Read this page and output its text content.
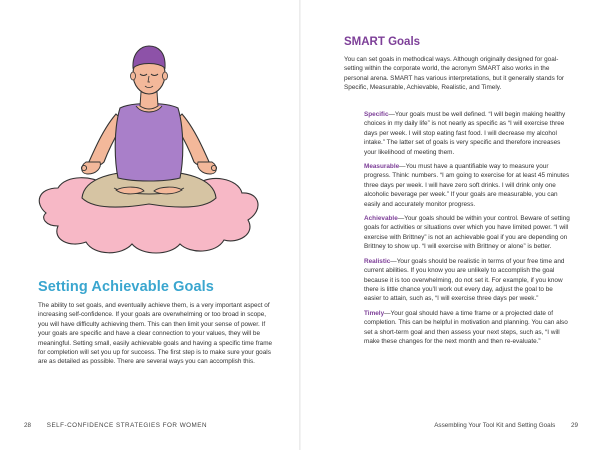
Setting Achievable Goals

The ability to set goals, and eventually achieve them, is a very important aspect of increasing self-confidence. If your goals are overwhelming or too broad in scope, you will have difficulty achieving them. This can then limit your sense of power. If your goals are specific and have a clear connection to your values, they will be meaningful. Setting small, easily achievable goals and having a specific time frame for completion will set you up for success. The first step is to make sure your goals are as detailed as possible. There are several ways you can accomplish this.

28	SELF-CONFIDENCE STRATEGIES FOR WOMEN
SMART Goals

You can set goals in methodical ways. Although originally designed for goal-setting within the corporate world, the acronym SMART also works in the personal arena. SMART has various interpretations, but it generally stands for Specific, Measurable, Achievable, Realistic, and Timely.

Specific—Your goals must be well defined. “I will begin making healthy choices in my daily life” is not nearly as specific as “I will exercise three days per week. I will stop eating fast food. I will decrease my alcohol intake.” The latter set of goals is very specific and therefore increases your likelihood of meeting them.

Measurable—You must have a quantifiable way to measure your progress. Think: numbers. “I am going to exercise for at least 45 minutes three days per week. I will have zero soft drinks. I will drink only one alcoholic beverage per week.” If your goals are measurable, you can easily and accurately monitor progress.

Achievable—Your goals should be within your control. Beware of setting goals for activities or situations over which you have limited power. “I will exercise with Brittney” is not an achievable goal if you are depending on Brittney to show up. “I will exercise with Brittney or alone” is better.

Realistic—Your goals should be realistic in terms of your free time and current abilities. If you know you are unlikely to accomplish the goal because it is too overwhelming, do not set it. For example, if you know there is little chance you’ll work out every day, adjust the goal to be easier to attain, such as, “I will exercise three days per week.”

Timely—Your goal should have a time frame or a projected date of completion. This can be helpful in motivation and planning. You can also set a short-term goal and then assess your next steps, such as, “I will make these changes for the next month and then re-evaluate.”

Assembling Your Tool Kit and Setting Goals	29
